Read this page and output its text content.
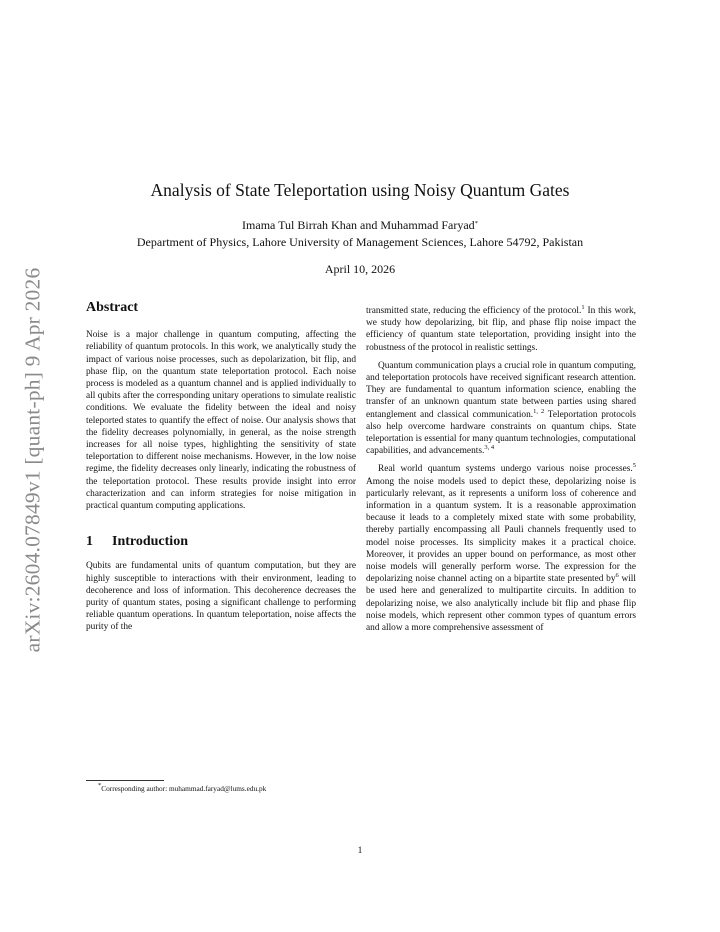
arXiv:2604.07849v1 [quant-ph] 9 Apr 2026
Analysis of State Teleportation using Noisy Quantum Gates
Imama Tul Birrah Khan and Muhammad Faryad*
Department of Physics, Lahore University of Management Sciences, Lahore 54792, Pakistan
April 10, 2026
Abstract

Noise is a major challenge in quantum computing, affecting the reliability of quantum protocols. In this work, we analytically study the impact of various noise processes, such as depolarization, bit flip, and phase flip, on the quantum state teleportation protocol. Each noise process is modeled as a quantum channel and is applied individually to all qubits after the corresponding unitary operations to simulate realistic conditions. We evaluate the fidelity between the ideal and noisy teleported states to quantify the effect of noise. Our analysis shows that the fidelity decreases polynomially, in general, as the noise strength increases for all noise types, highlighting the sensitivity of state teleportation to different noise mechanisms. However, in the low noise regime, the fidelity decreases only linearly, indicating the robustness of the teleportation protocol. These results provide insight into error characterization and can inform strategies for noise mitigation in practical quantum computing applications.

1 Introduction

Qubits are fundamental units of quantum computation, but they are highly susceptible to interactions with their environment, leading to decoherence and loss of information. This decoherence decreases the purity of quantum states, posing a significant challenge to performing reliable quantum operations. In quantum teleportation, noise affects the purity of the

transmitted state, reducing the efficiency of the protocol.$^1$ In this work, we study how depolarizing, bit flip, and phase flip noise impact the efficiency of quantum state teleportation, providing insight into the robustness of the protocol in realistic settings.

Quantum communication plays a crucial role in quantum computing, and teleportation protocols have received significant research attention. They are fundamental to quantum information science, enabling the transfer of an unknown quantum state between parties using shared entanglement and classical communication.$^{1, 2}$ Teleportation protocols also help overcome hardware constraints on quantum chips. State teleportation is essential for many quantum technologies, computational capabilities, and advancements.$^{3, 4}$

Real world quantum systems undergo various noise processes.$^5$ Among the noise models used to depict these, depolarizing noise is particularly relevant, as it represents a uniform loss of coherence and information in a quantum system. It is a reasonable approximation because it leads to a completely mixed state with some probability, thereby partially encompassing all Pauli channels frequently used to model noise processes. Its simplicity makes it a practical choice. Moreover, it provides an upper bound on performance, as most other noise models will generally perform worse. The expression for the depolarizing noise channel acting on a bipartite state presented $by^6$ will be used here and generalized to multipartite circuits. In addition to depolarizing noise, we also analytically include bit flip and phase flip noise models, which represent other common types of quantum errors and allow a more comprehensive assessment of

*Corresponding author: muhammad.faryad@lums.edu.pk
1
